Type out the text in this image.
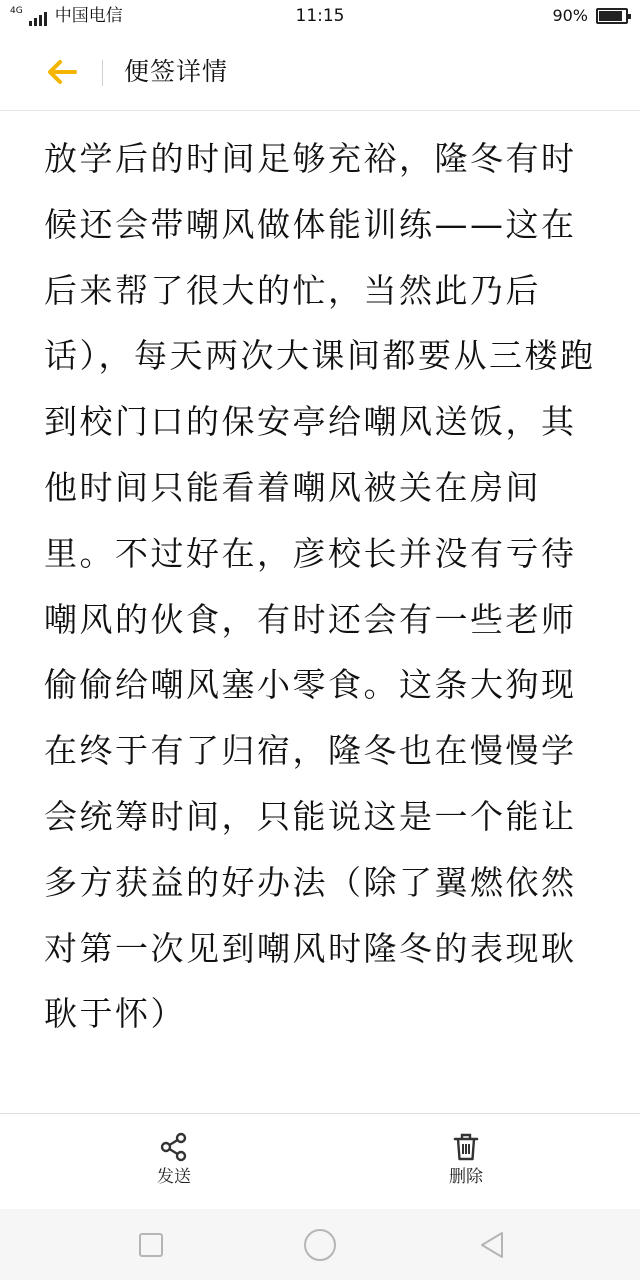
4G 中国电信	11:15	90%
便签详情
放学后的时间足够充裕，隆冬有时候还会带嘲风做体能训练——这在后来帮了很大的忙，当然此乃后话），每天两次大课间都要从三楼跑到校门口的保安亭给嘲风送饭，其他时间只能看着嘲风被关在房间里。不过好在，彦校长并没有亏待嘲风的伙食，有时还会有一些老师偷偷给嘲风塞小零食。这条大狗现在终于有了归宿，隆冬也在慢慢学会统筹时间，只能说这是一个能让多方获益的好办法（除了翼燃依然对第一次见到嘲风时隆冬的表现耿耿于怀）
发送	删除
